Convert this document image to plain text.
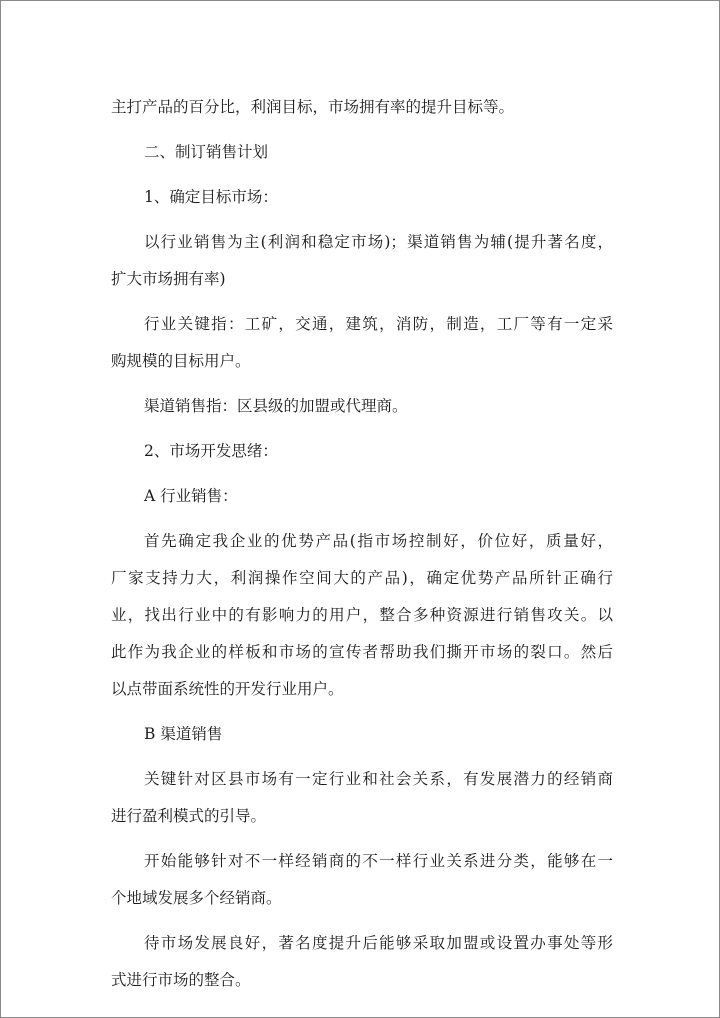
主打产品的百分比，利润目标，市场拥有率的提升目标等。
二、制订销售计划
1、确定目标市场：
以行业销售为主(利润和稳定市场)；渠道销售为辅(提升著名度，
扩大市场拥有率)
行业关键指：工矿，交通，建筑，消防，制造，工厂等有一定采
购规模的目标用户。
渠道销售指：区县级的加盟或代理商。
2、市场开发思绪：
A 行业销售：
首先确定我企业的优势产品(指市场控制好，价位好，质量好，
厂家支持力大，利润操作空间大的产品)，确定优势产品所针正确行
业，找出行业中的有影响力的用户，整合多种资源进行销售攻关。以
此作为我企业的样板和市场的宣传者帮助我们撕开市场的裂口。然后
以点带面系统性的开发行业用户。
B 渠道销售
关键针对区县市场有一定行业和社会关系，有发展潜力的经销商
进行盈利模式的引导。
开始能够针对不一样经销商的不一样行业关系进分类，能够在一
个地域发展多个经销商。
待市场发展良好，著名度提升后能够采取加盟或设置办事处等形
式进行市场的整合。
